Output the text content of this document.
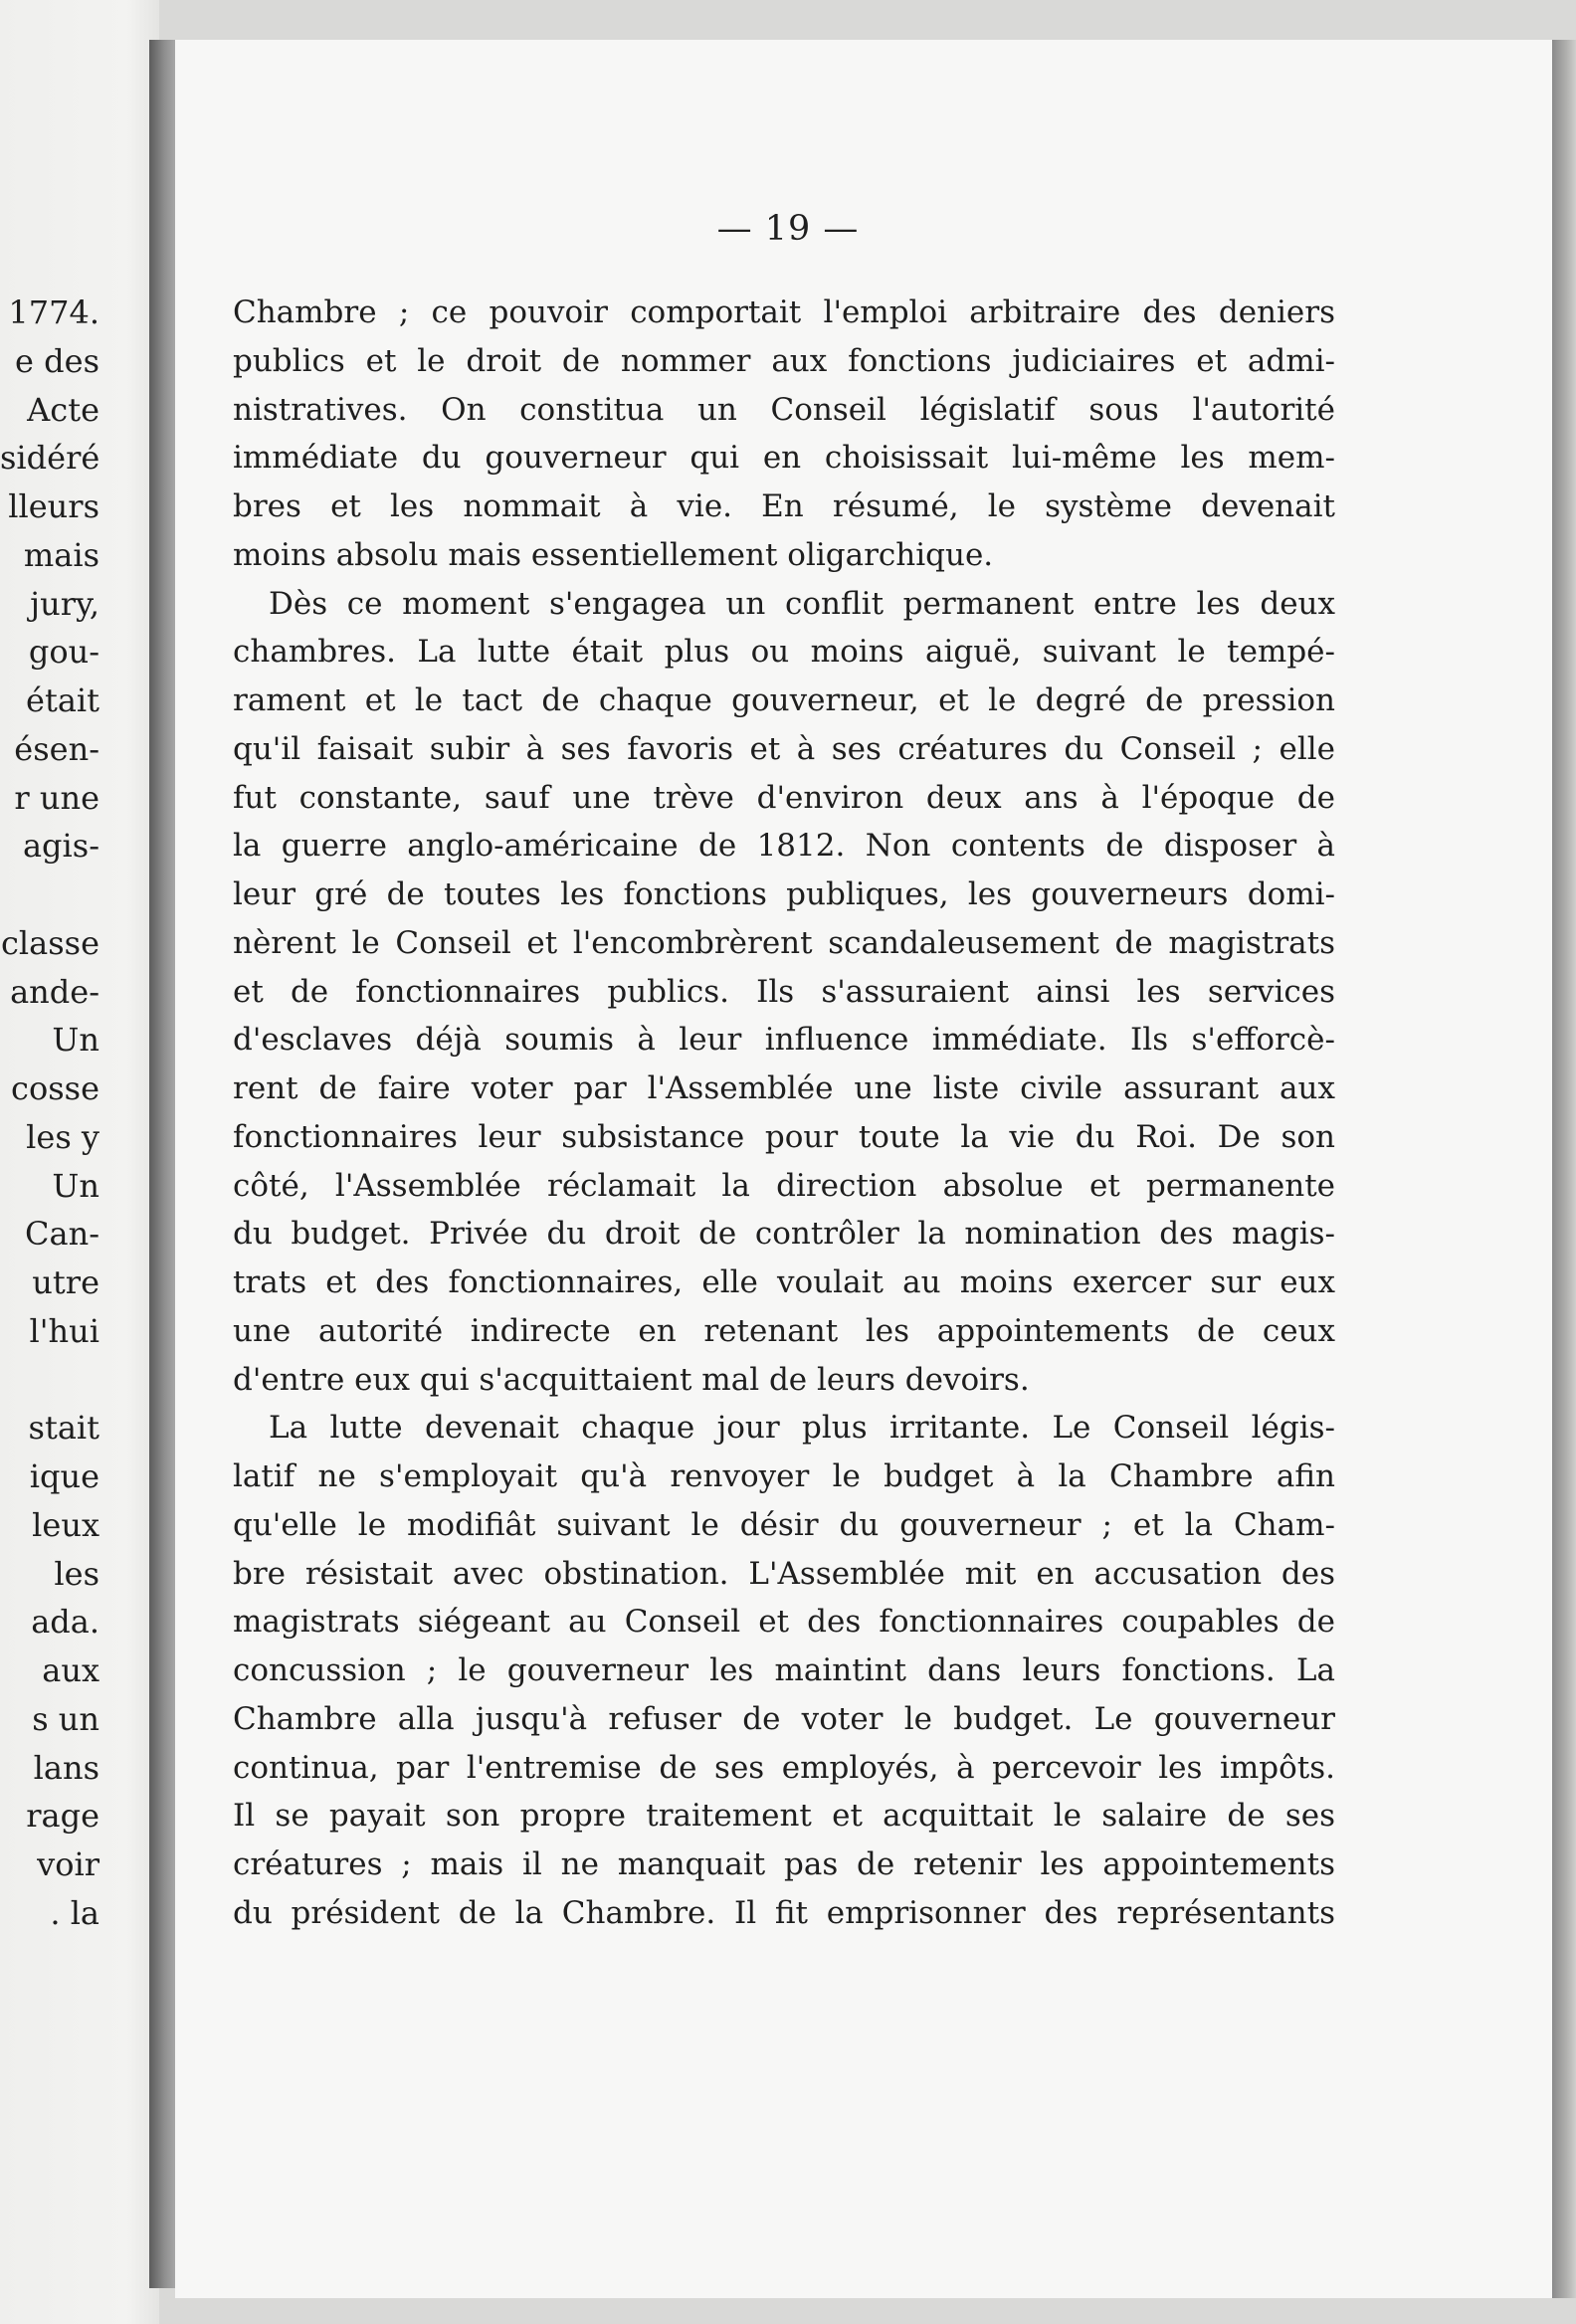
1774.
e des
Acte
sidéré
lleurs
mais
jury,
gou-
était
ésen-
r une
agis-
classe
ande-
Un
cosse
les y
Un
Can-
utre
l'hui
stait
ique
leux
les
ada.
aux
s un
lans
rage
voir
. la
— 19 —
Chambre ; ce pouvoir comportait l'emploi arbitraire des deniers
publics et le droit de nommer aux fonctions judiciaires et admi-
nistratives. On constitua un Conseil législatif sous l'autorité
immédiate du gouverneur qui en choisissait lui-même les mem-
bres et les nommait à vie. En résumé, le système devenait
moins absolu mais essentiellement oligarchique.
Dès ce moment s'engagea un conflit permanent entre les deux
chambres. La lutte était plus ou moins aiguë, suivant le tempé-
rament et le tact de chaque gouverneur, et le degré de pression
qu'il faisait subir à ses favoris et à ses créatures du Conseil ; elle
fut constante, sauf une trève d'environ deux ans à l'époque de
la guerre anglo-américaine de 1812. Non contents de disposer à
leur gré de toutes les fonctions publiques, les gouverneurs domi-
nèrent le Conseil et l'encombrèrent scandaleusement de magistrats
et de fonctionnaires publics. Ils s'assuraient ainsi les services
d'esclaves déjà soumis à leur influence immédiate. Ils s'efforcè-
rent de faire voter par l'Assemblée une liste civile assurant aux
fonctionnaires leur subsistance pour toute la vie du Roi. De son
côté, l'Assemblée réclamait la direction absolue et permanente
du budget. Privée du droit de contrôler la nomination des magis-
trats et des fonctionnaires, elle voulait au moins exercer sur eux
une autorité indirecte en retenant les appointements de ceux
d'entre eux qui s'acquittaient mal de leurs devoirs.
La lutte devenait chaque jour plus irritante. Le Conseil légis-
latif ne s'employait qu'à renvoyer le budget à la Chambre afin
qu'elle le modifiât suivant le désir du gouverneur ; et la Cham-
bre résistait avec obstination. L'Assemblée mit en accusation des
magistrats siégeant au Conseil et des fonctionnaires coupables de
concussion ; le gouverneur les maintint dans leurs fonctions. La
Chambre alla jusqu'à refuser de voter le budget. Le gouverneur
continua, par l'entremise de ses employés, à percevoir les impôts.
Il se payait son propre traitement et acquittait le salaire de ses
créatures ; mais il ne manquait pas de retenir les appointements
du président de la Chambre. Il fit emprisonner des représentants
